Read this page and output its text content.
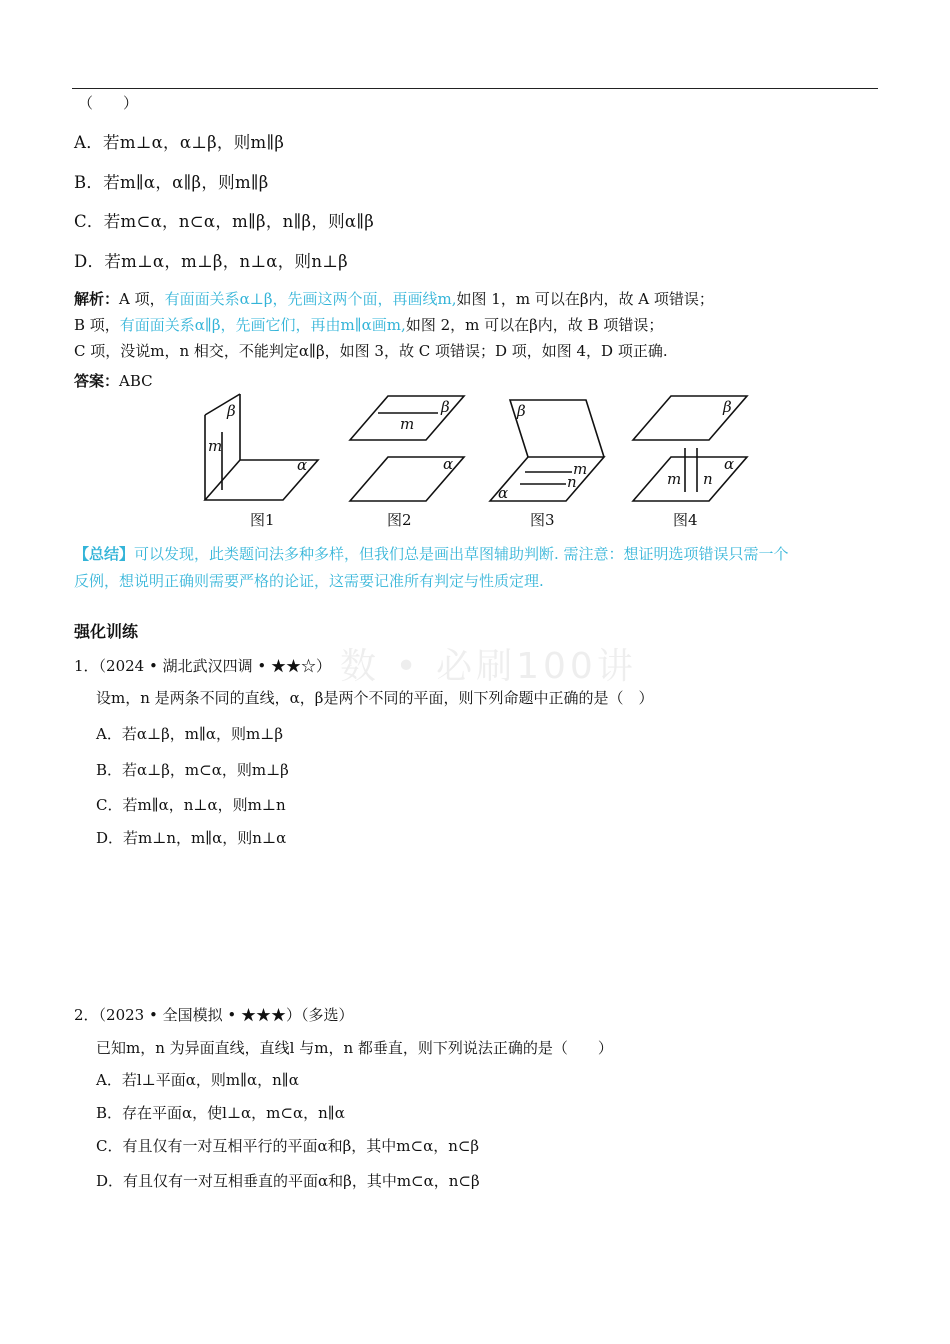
（　　）
A．若m⊥α，α⊥β，则m∥β
B．若m∥α，α∥β，则m∥β
C．若m⊂α，n⊂α，m∥β，n∥β，则α∥β
D．若m⊥α，m⊥β，n⊥α，则n⊥β
解析：A 项，有面面关系α⊥β，先画这两个面，再画线m,如图 1，m 可以在β内，故 A 项错误；
B 项，有面面关系α∥β，先画它们，再由m∥α画m,如图 2，m 可以在β内，故 B 项错误；
C 项，没说m，n 相交，不能判定α∥β，如图 3，故 C 项错误；D 项，如图 4，D 项正确.
答案：ABC
β
m
α
β
m
α
β
m
n
α
β
α
m n
图1	图2	图3	图4
【总结】可以发现，此类题问法多种多样，但我们总是画出草图辅助判断. 需注意：想证明选项错误只需一个
反例，想说明正确则需要严格的论证，这需要记准所有判定与性质定理.
强化训练
数 • 必刷100讲
1．（2024 • 湖北武汉四调 • ★★☆）
设m，n 是两条不同的直线，α，β是两个不同的平面，则下列命题中正确的是（　）
A．若α⊥β，m∥α，则m⊥β
B．若α⊥β，m⊂α，则m⊥β
C．若m∥α，n⊥α，则m⊥n
D．若m⊥n，m∥α，则n⊥α
2．（2023 • 全国模拟 • ★★★）（多选）
已知m，n 为异面直线，直线l 与m，n 都垂直，则下列说法正确的是（　　）
A．若l⊥平面α，则m∥α，n∥α
B．存在平面α，使l⊥α，m⊂α，n∥α
C．有且仅有一对互相平行的平面α和β，其中m⊂α，n⊂β
D．有且仅有一对互相垂直的平面α和β，其中m⊂α，n⊂β
